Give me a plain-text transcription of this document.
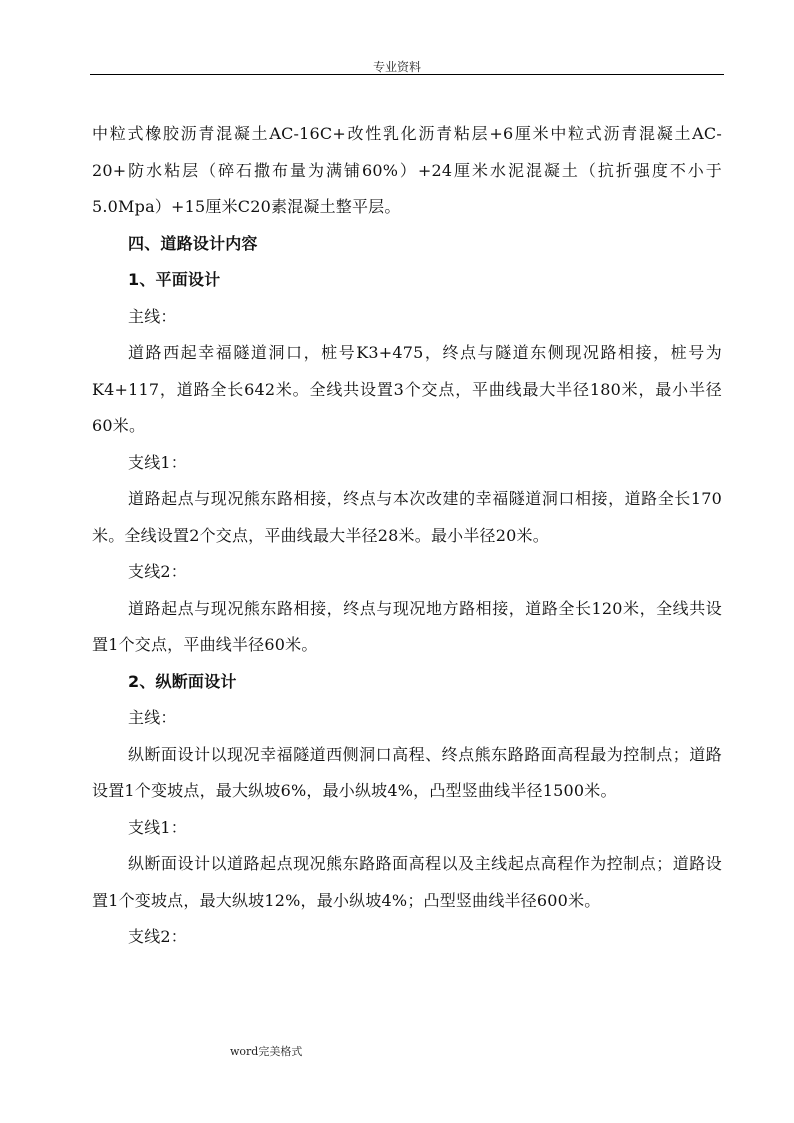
专业资料

中粒式橡胶沥青混凝土AC-16C+改性乳化沥青粘层+6厘米中粒式沥青混凝土AC-20+防水粘层（碎石撒布量为满铺60%）+24厘米水泥混凝土（抗折强度不小于5.0Mpa）+15厘米C20素混凝土整平层。

四、道路设计内容

1、平面设计

主线：

道路西起幸福隧道洞口，桩号K3+475，终点与隧道东侧现况路相接，桩号为K4+117，道路全长642米。全线共设置3个交点，平曲线最大半径180米，最小半径60米。

支线1：

道路起点与现况熊东路相接，终点与本次改建的幸福隧道洞口相接，道路全长170米。全线设置2个交点，平曲线最大半径28米。最小半径20米。

支线2：

道路起点与现况熊东路相接，终点与现况地方路相接，道路全长120米，全线共设置1个交点，平曲线半径60米。

2、纵断面设计

主线：

纵断面设计以现况幸福隧道西侧洞口高程、终点熊东路路面高程最为控制点；道路设置1个变坡点，最大纵坡6%，最小纵坡4%，凸型竖曲线半径1500米。

支线1：

纵断面设计以道路起点现况熊东路路面高程以及主线起点高程作为控制点；道路设置1个变坡点，最大纵坡12%，最小纵坡4%；凸型竖曲线半径600米。

支线2：

word完美格式
